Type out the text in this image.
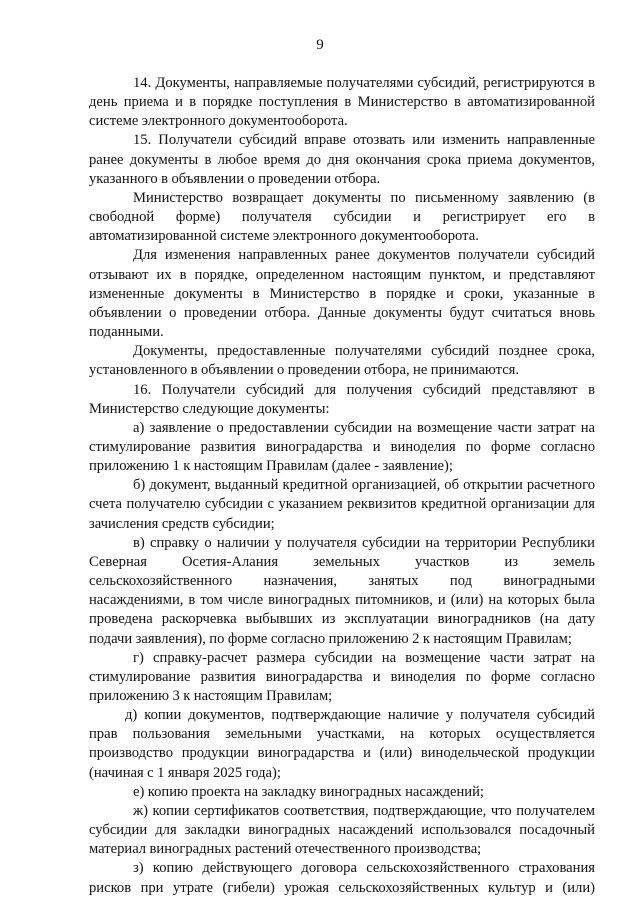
9

14. Документы, направляемые получателями субсидий, регистрируются в день приема и в порядке поступления в Министерство в автоматизированной системе электронного документооборота.

15. Получатели субсидий вправе отозвать или изменить направленные ранее документы в любое время до дня окончания срока приема документов, указанного в объявлении о проведении отбора.

Министерство возвращает документы по письменному заявлению (в свободной форме) получателя субсидии и регистрирует его в автоматизированной системе электронного документооборота.

Для изменения направленных ранее документов получатели субсидий отзывают их в порядке, определенном настоящим пунктом, и представляют измененные документы в Министерство в порядке и сроки, указанные в объявлении о проведении отбора. Данные документы будут считаться вновь поданными.

Документы, предоставленные получателями субсидий позднее срока, установленного в объявлении о проведении отбора, не принимаются.

16. Получатели субсидий для получения субсидий представляют в Министерство следующие документы:

а) заявление о предоставлении субсидии на возмещение части затрат на стимулирование развития виноградарства и виноделия по форме согласно приложению 1 к настоящим Правилам (далее - заявление);

б) документ, выданный кредитной организацией, об открытии расчетного счета получателю субсидии с указанием реквизитов кредитной организации для зачисления средств субсидии;

в) справку о наличии у получателя субсидии на территории Республики
Северная Осетия-Алания земельных участков из земель
сельскохозяйственного назначения, занятых под виноградными
насаждениями, в том числе виноградных питомников, и (или) на которых была проведена раскорчевка выбывших из эксплуатации виноградников (на дату подачи заявления), по форме согласно приложению 2 к настоящим Правилам;

г) справку-расчет размера субсидии на возмещение части затрат на стимулирование развития виноградарства и виноделия по форме согласно приложению 3 к настоящим Правилам;

д) копии документов, подтверждающие наличие у получателя субсидий прав пользования земельными участками, на которых осуществляется производство продукции виноградарства и (или) винодельческой продукции (начиная с 1 января 2025 года);

е) копию проекта на закладку виноградных насаждений;

ж) копии сертификатов соответствия, подтверждающие, что получателем субсидии для закладки виноградных насаждений использовался посадочный материал виноградных растений отечественного производства;

з) копию действующего договора сельскохозяйственного страхования рисков при утрате (гибели) урожая сельскохозяйственных культур и (или)
